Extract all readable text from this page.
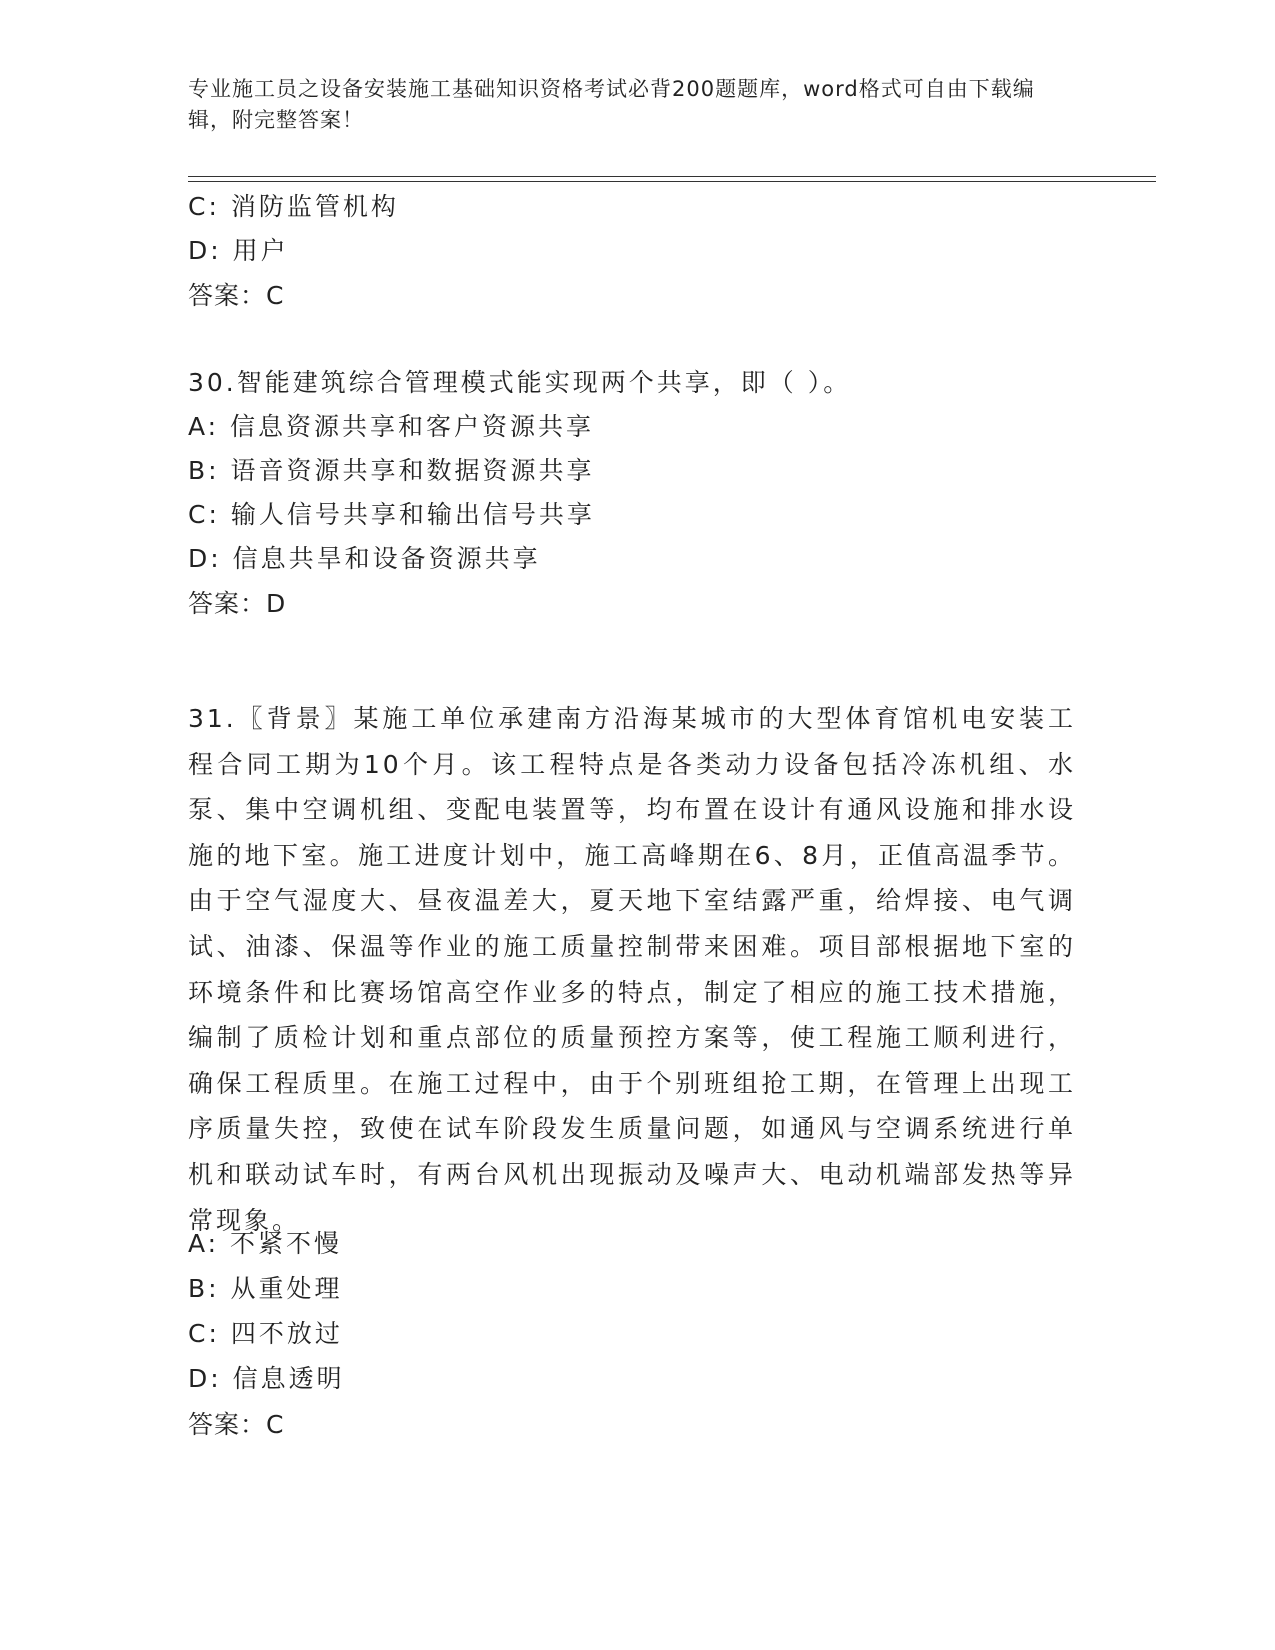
专业施工员之设备安装施工基础知识资格考试必背200题题库，word格式可自由下载编辑，附完整答案！
C: 消防监管机构
D: 用户
答案：C
30.智能建筑综合管理模式能实现两个共享，即（ ）。
A: 信息资源共享和客户资源共享
B: 语音资源共享和数据资源共享
C: 输人信号共享和输出信号共享
D: 信息共旱和设备资源共享
答案：D
31.〖背景〗某施工单位承建南方沿海某城市的大型体育馆机电安装工程合同工期为10个月。该工程特点是各类动力设备包括冷冻机组、水泵、集中空调机组、变配电装置等，均布置在设计有通风设施和排水设施的地下室。施工进度计划中，施工高峰期在6、8月，正值高温季节。由于空气湿度大、昼夜温差大，夏天地下室结露严重，给焊接、电气调试、油漆、保温等作业的施工质量控制带来困难。项目部根据地下室的环境条件和比赛场馆高空作业多的特点，制定了相应的施工技术措施，编制了质检计划和重点部位的质量预控方案等，使工程施工顺利进行，确保工程质里。在施工过程中，由于个别班组抢工期，在管理上出现工序质量失控，致使在试车阶段发生质量问题，如通风与空调系统进行单机和联动试车时，有两台风机出现振动及噪声大、电动机端部发热等异常现象。
A: 不紧不慢
B: 从重处理
C: 四不放过
D: 信息透明
答案：C
